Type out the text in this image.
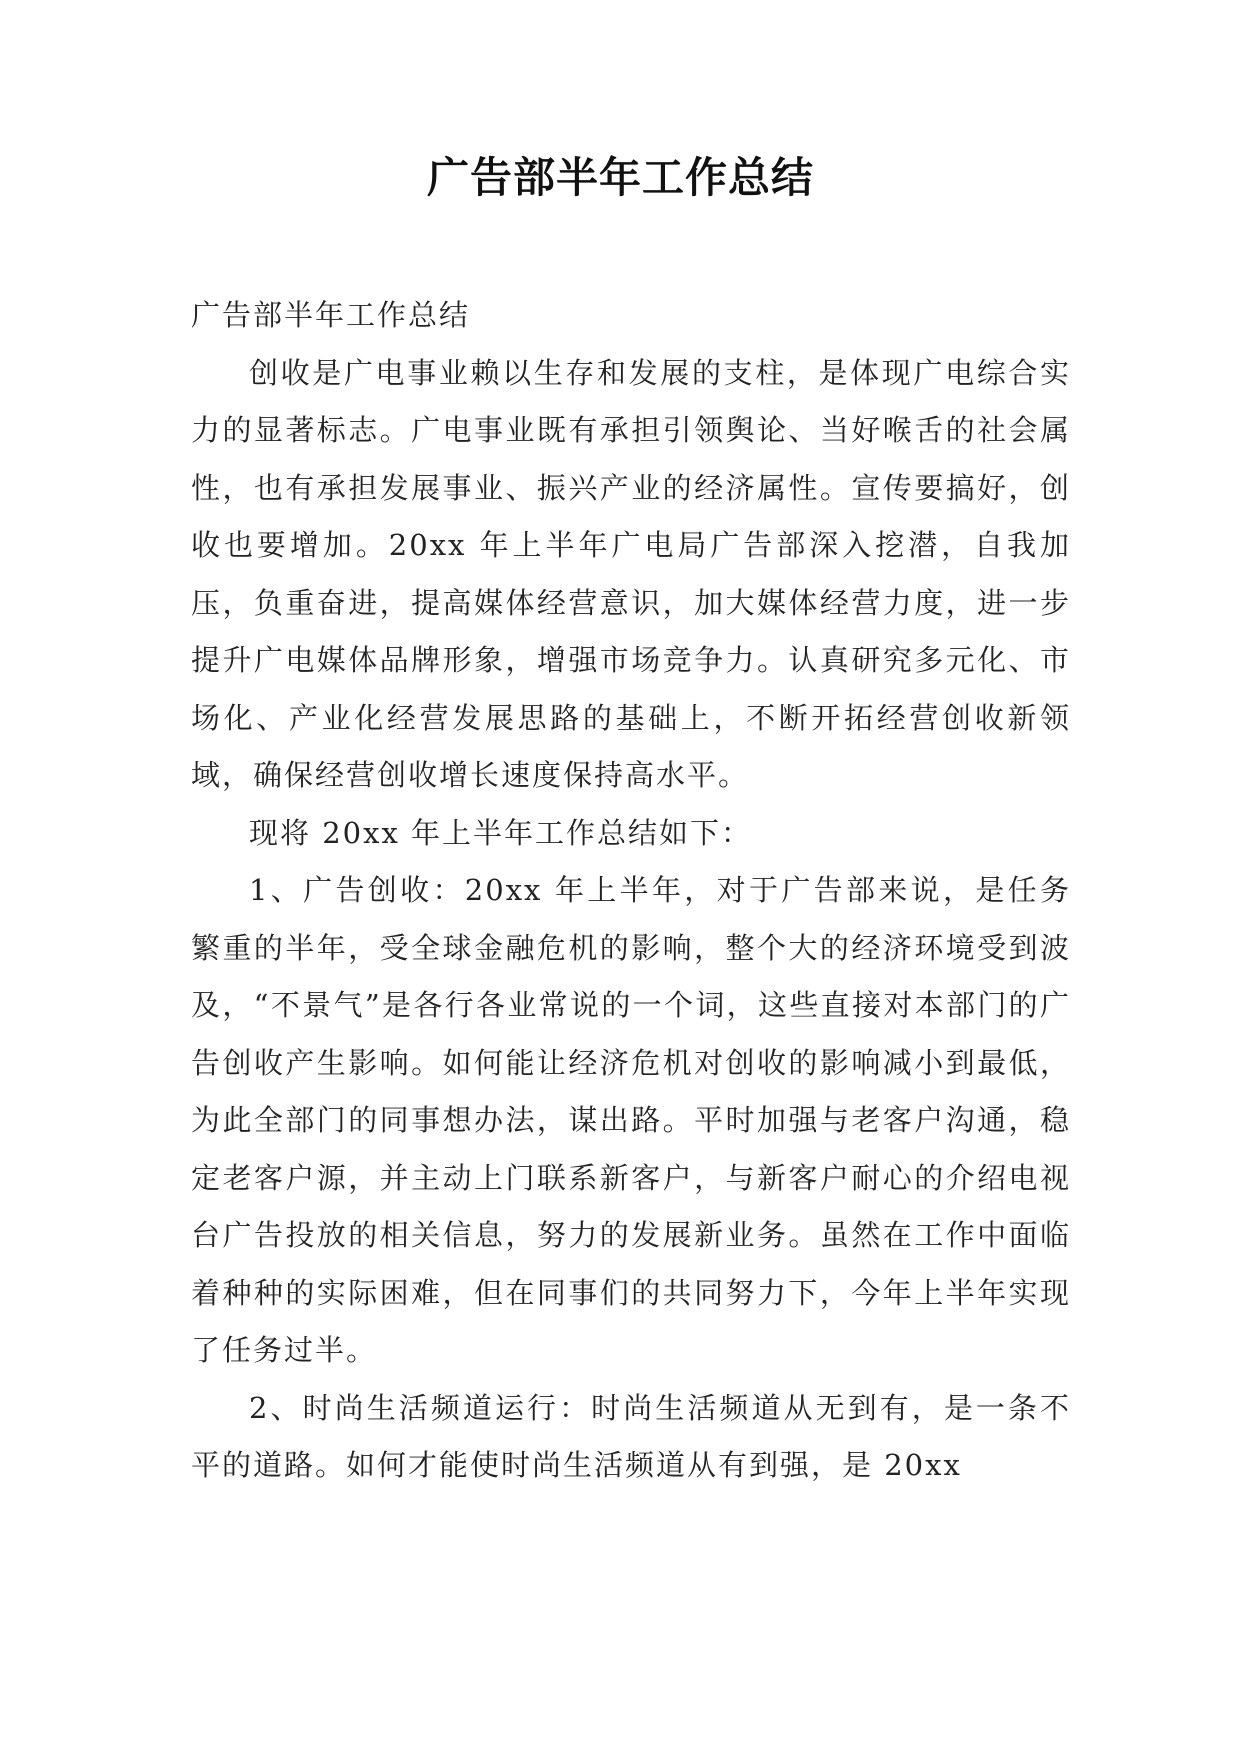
广告部半年工作总结

广告部半年工作总结

创收是广电事业赖以生存和发展的支柱，是体现广电综合实力的显著标志。广电事业既有承担引领舆论、当好喉舌的社会属性，也有承担发展事业、振兴产业的经济属性。宣传要搞好，创收也要增加。20xx 年上半年广电局广告部深入挖潜，自我加压，负重奋进，提高媒体经营意识，加大媒体经营力度，进一步提升广电媒体品牌形象，增强市场竞争力。认真研究多元化、市场化、产业化经营发展思路的基础上，不断开拓经营创收新领域，确保经营创收增长速度保持高水平。

现将 20xx 年上半年工作总结如下：

1、广告创收：20xx 年上半年，对于广告部来说，是任务繁重的半年，受全球金融危机的影响，整个大的经济环境受到波及，“不景气”是各行各业常说的一个词，这些直接对本部门的广告创收产生影响。如何能让经济危机对创收的影响减小到最低，为此全部门的同事想办法，谋出路。平时加强与老客户沟通，稳定老客户源，并主动上门联系新客户，与新客户耐心的介绍电视台广告投放的相关信息，努力的发展新业务。虽然在工作中面临着种种的实际困难，但在同事们的共同努力下，今年上半年实现了任务过半。

2、时尚生活频道运行：时尚生活频道从无到有，是一条不平的道路。如何才能使时尚生活频道从有到强，是 20xx
